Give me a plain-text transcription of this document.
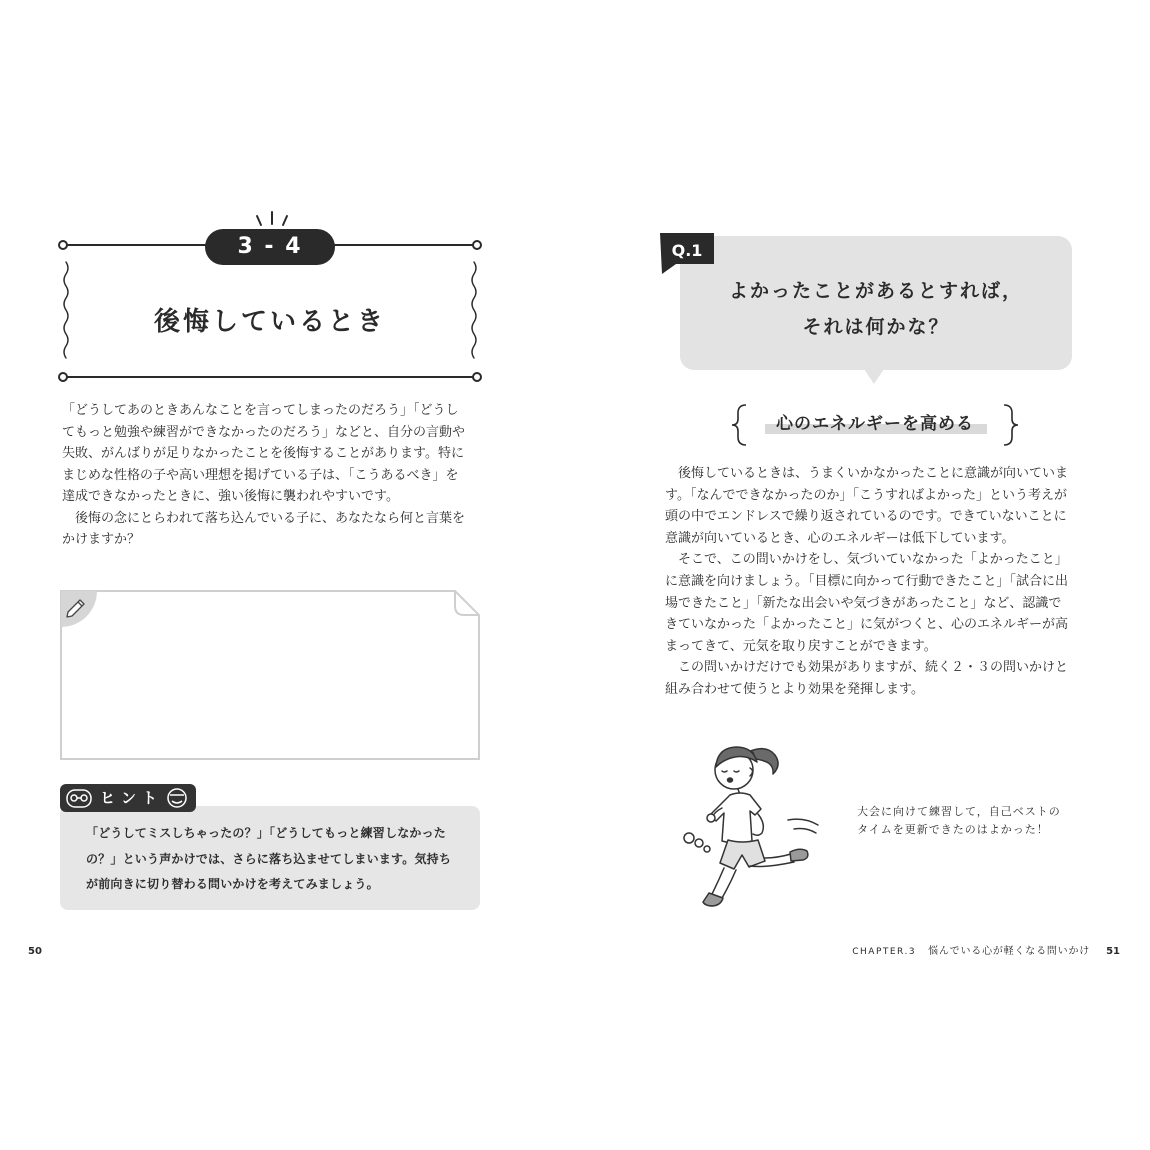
3 - 4
後悔しているとき
「どうしてあのときあんなことを言ってしまったのだろう」「どうし
てもっと勉強や練習ができなかったのだろう」などと、自分の言動や
失敗、がんばりが足りなかったことを後悔することがあります。特に
まじめな性格の子や高い理想を掲げている子は、「こうあるべき」を
達成できなかったときに、強い後悔に襲われやすいです。
後悔の念にとらわれて落ち込んでいる子に、あなたなら何と言葉を
かけますか？
ヒント
「どうしてミスしちゃったの？」「どうしてもっと練習しなかった
の？」という声かけでは、さらに落ち込ませてしまいます。気持ち
が前向きに切り替わる問いかけを考えてみましょう。
50
Q.1
よかったことがあるとすれば，
それは何かな？
心のエネルギーを高める
後悔しているときは、うまくいかなかったことに意識が向いていま
す。「なんでできなかったのか」「こうすればよかった」という考えが
頭の中でエンドレスで繰り返されているのです。できていないことに
意識が向いているとき、心のエネルギーは低下しています。
そこで、この問いかけをし、気づいていなかった「よかったこと」
に意識を向けましょう。「目標に向かって行動できたこと」「試合に出
場できたこと」「新たな出会いや気づきがあったこと」など、認識で
きていなかった「よかったこと」に気がつくと、心のエネルギーが高
まってきて、元気を取り戻すことができます。
この問いかけだけでも効果がありますが、続く２・３の問いかけと
組み合わせて使うとより効果を発揮します。
大会に向けて練習して，自己ベストの
タイムを更新できたのはよかった！
CHAPTER.3 悩んでいる心が軽くなる問いかけ 51
